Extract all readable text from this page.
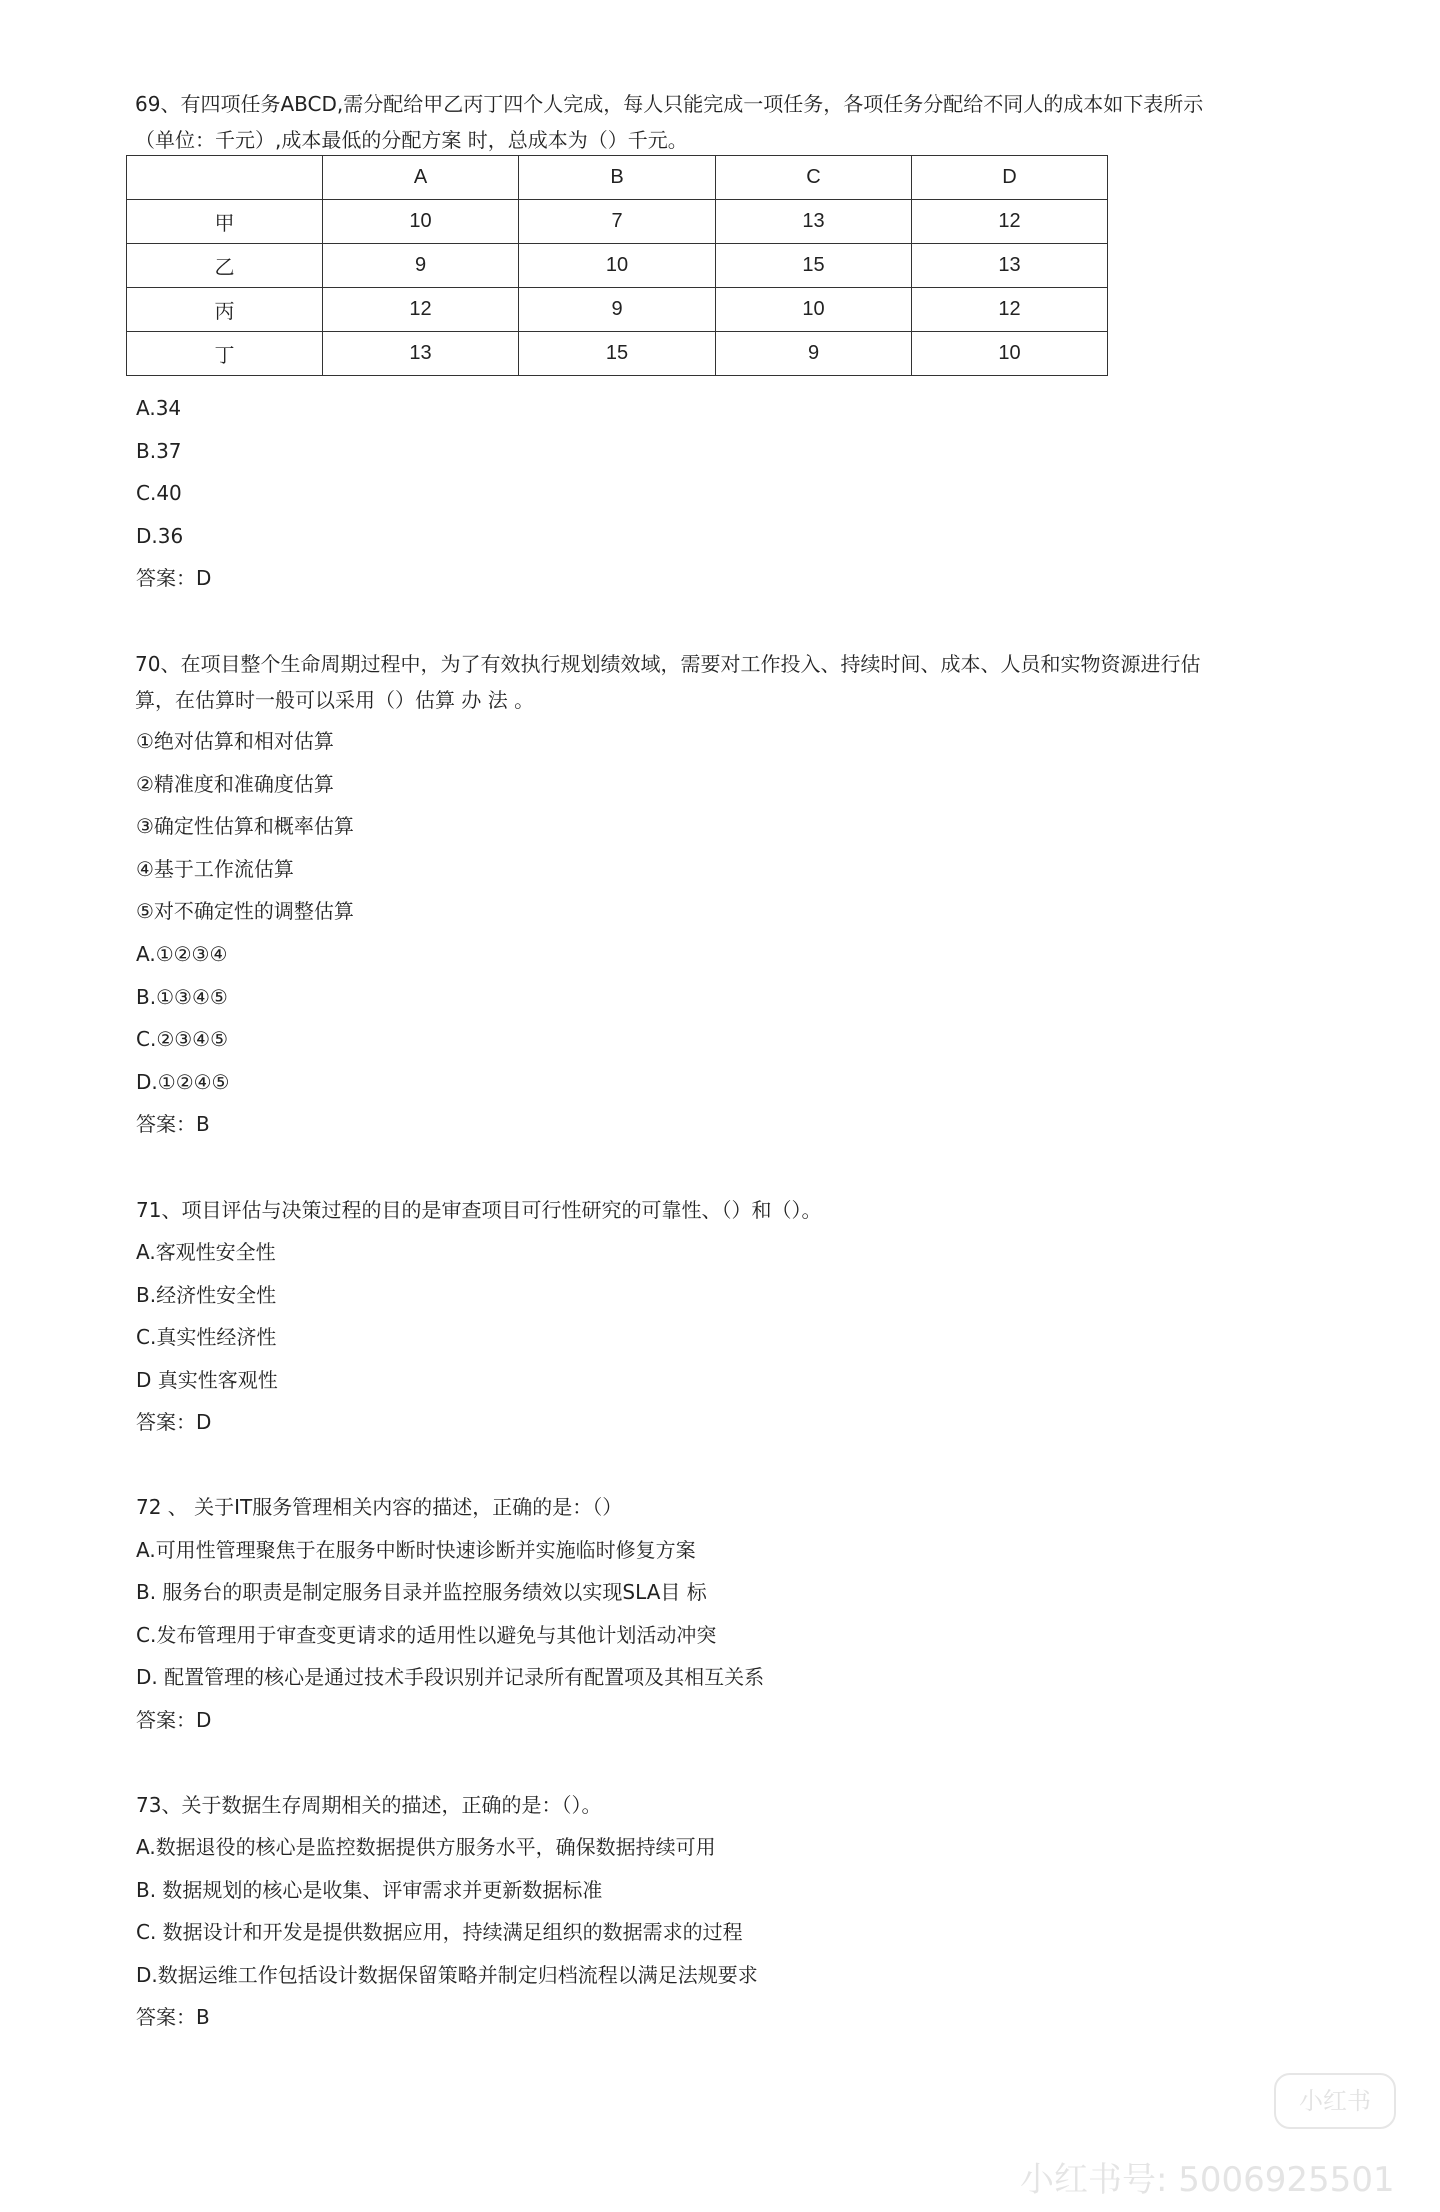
69、有四项任务ABCD,需分配给甲乙丙丁四个人完成，每人只能完成一项任务，各项任务分配给不同人的成本如下表所示（单位：千元）,成本最低的分配方案 时，总成本为（）千元。

	A	B	C	D
甲	10	7	13	12
乙	9	10	15	13
丙	12	9	10	12
丁	13	15	9	10

A.34

B.37

C.40

D.36

答案：D

70、在项目整个生命周期过程中，为了有效执行规划绩效域，需要对工作投入、持续时间、成本、人员和实物资源进行估算，在估算时一般可以采用（）估算 办 法 。

①绝对估算和相对估算

②精准度和准确度估算

③确定性估算和概率估算

④基于工作流估算

⑤对不确定性的调整估算

A.①②③④

B.①③④⑤

C.②③④⑤

D.①②④⑤

答案：B

71、项目评估与决策过程的目的是审查项目可行性研究的可靠性、（）和（）。

A.客观性安全性

B.经济性安全性

C.真实性经济性

D 真实性客观性

答案：D

72 、 关于IT服务管理相关内容的描述，正确的是：（）

A.可用性管理聚焦于在服务中断时快速诊断并实施临时修复方案

B. 服务台的职责是制定服务目录并监控服务绩效以实现SLA目 标

C.发布管理用于审查变更请求的适用性以避免与其他计划活动冲突

D. 配置管理的核心是通过技术手段识别并记录所有配置项及其相互关系

答案：D

73、关于数据生存周期相关的描述，正确的是：（）。

A.数据退役的核心是监控数据提供方服务水平，确保数据持续可用

B. 数据规划的核心是收集、评审需求并更新数据标准

C. 数据设计和开发是提供数据应用，持续满足组织的数据需求的过程

D.数据运维工作包括设计数据保留策略并制定归档流程以满足法规要求

答案：B

小红书
小红书号: 5006925501
